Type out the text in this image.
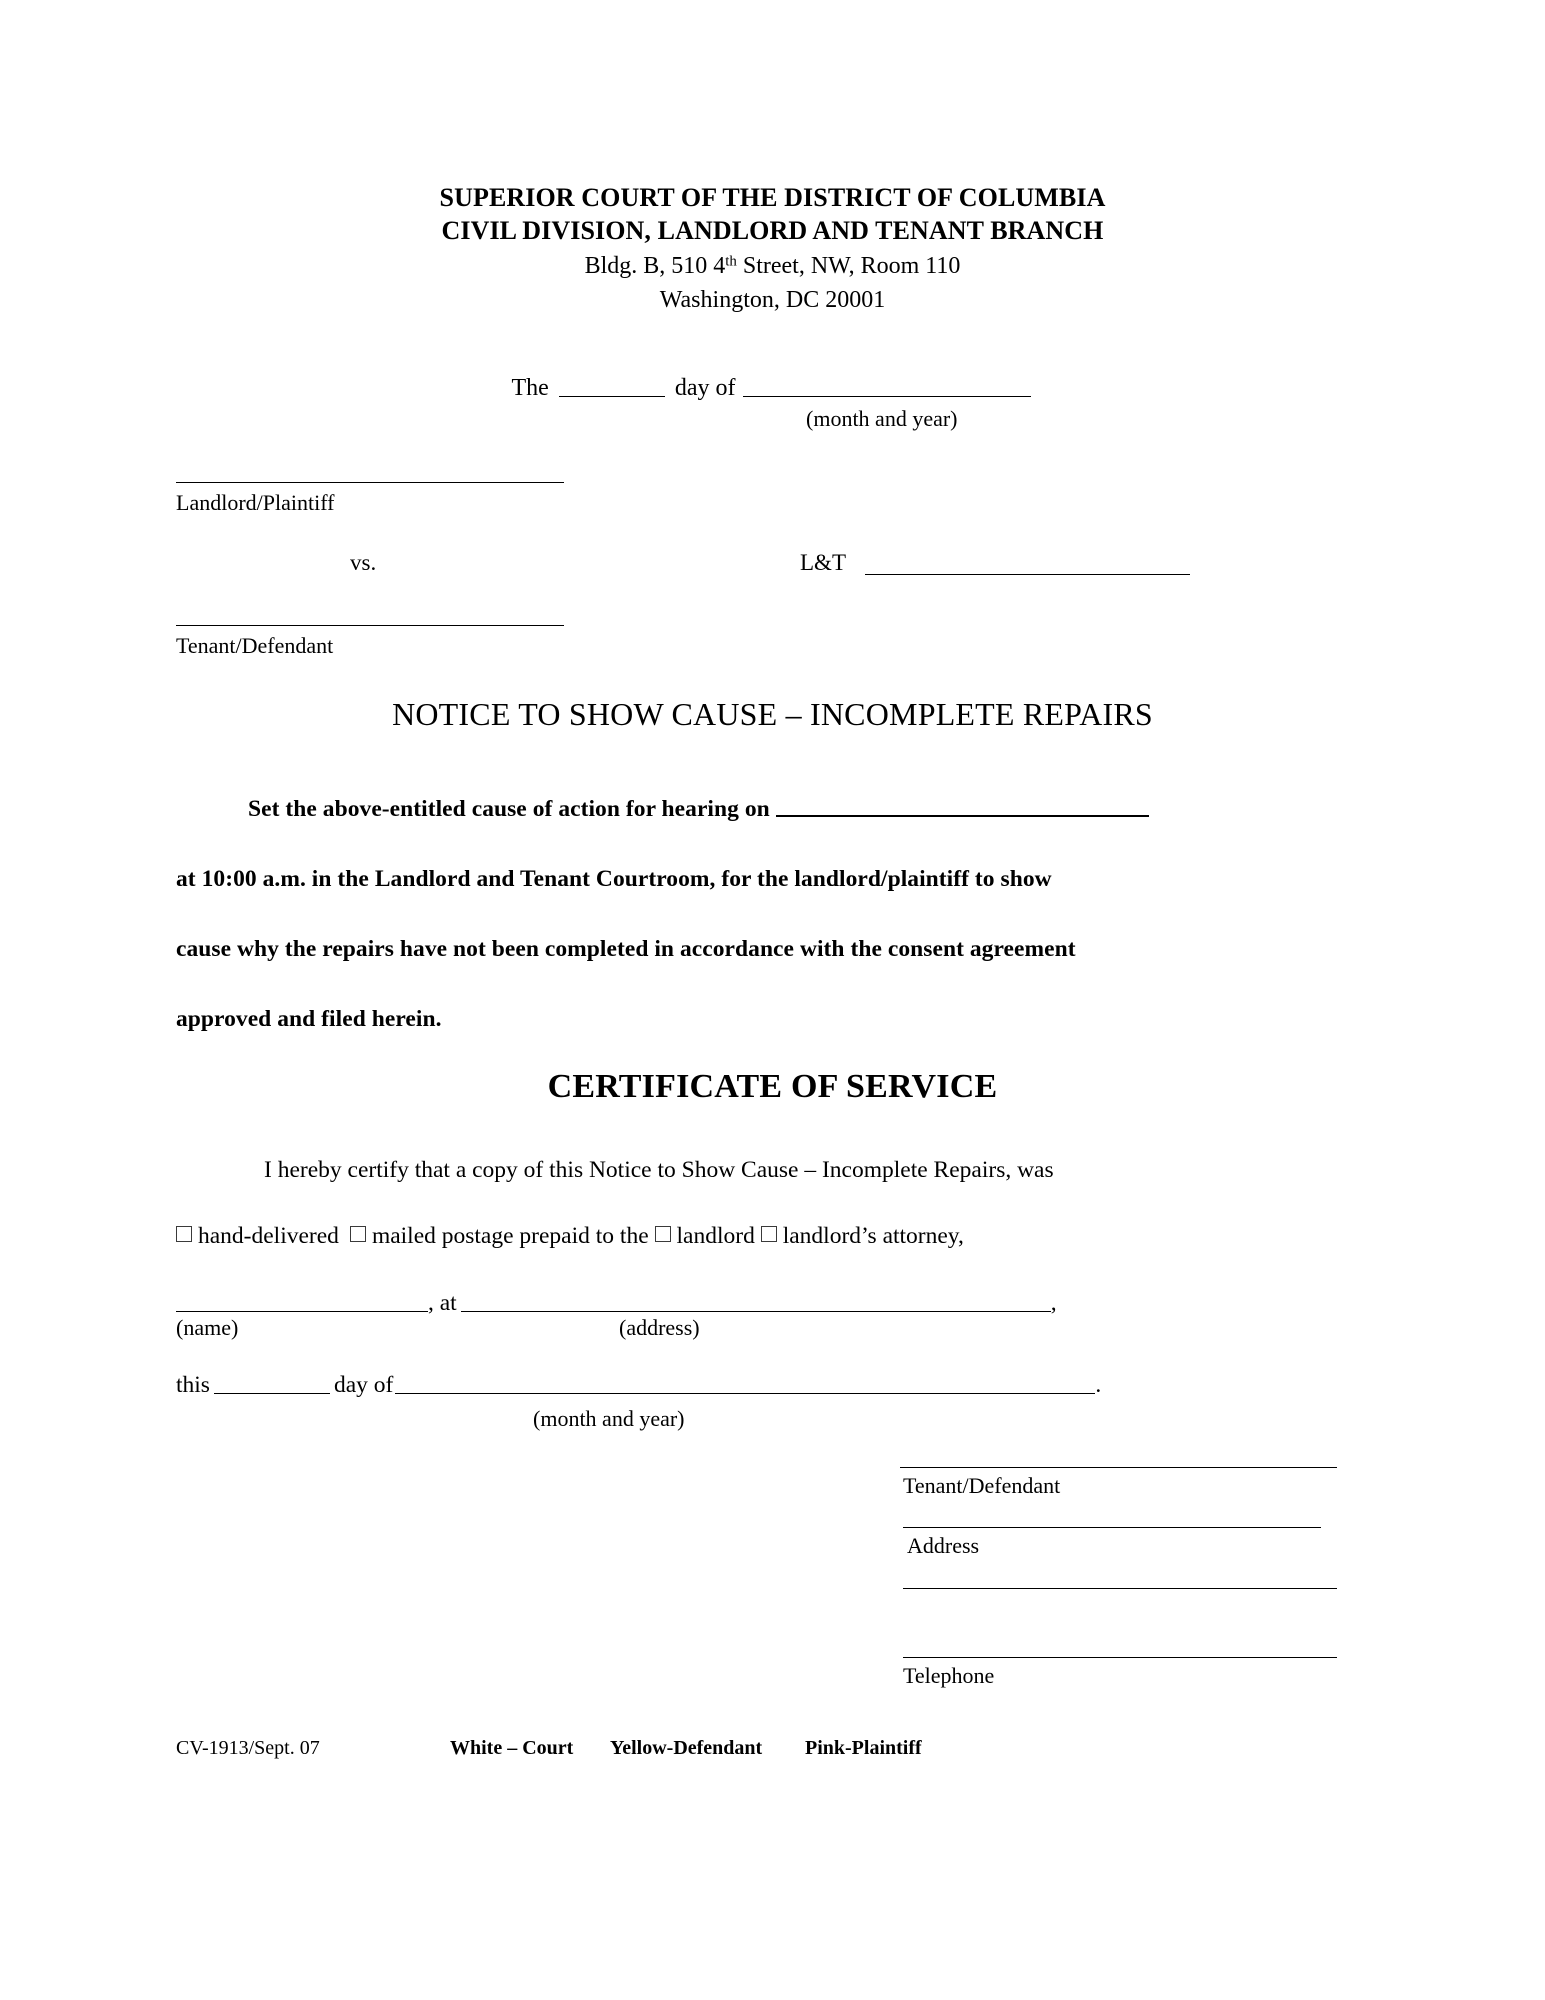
SUPERIOR COURT OF THE DISTRICT OF COLUMBIA
CIVIL DIVISION, LANDLORD AND TENANT BRANCH
Bldg. B, 510 4th Street, NW, Room 110
Washington, DC 20001
The	day of
(month and year)
Landlord/Plaintiff
vs.	L&T
Tenant/Defendant
NOTICE TO SHOW CAUSE – INCOMPLETE REPAIRS
Set the above-entitled cause of action for hearing on
at 10:00 a.m. in the Landlord and Tenant Courtroom, for the landlord/plaintiff to show
cause why the repairs have not been completed in accordance with the consent agreement
approved and filed herein.
CERTIFICATE OF SERVICE
I hereby certify that a copy of this Notice to Show Cause – Incomplete Repairs, was
hand-delivered mailed postage prepaid to the landlord landlord’s attorney,
, at	,
(name)	(address)
this	day of	.
(month and year)
Tenant/Defendant
Address
Telephone
CV-1913/Sept. 07	White – Court Yellow-Defendant Pink-Plaintiff
